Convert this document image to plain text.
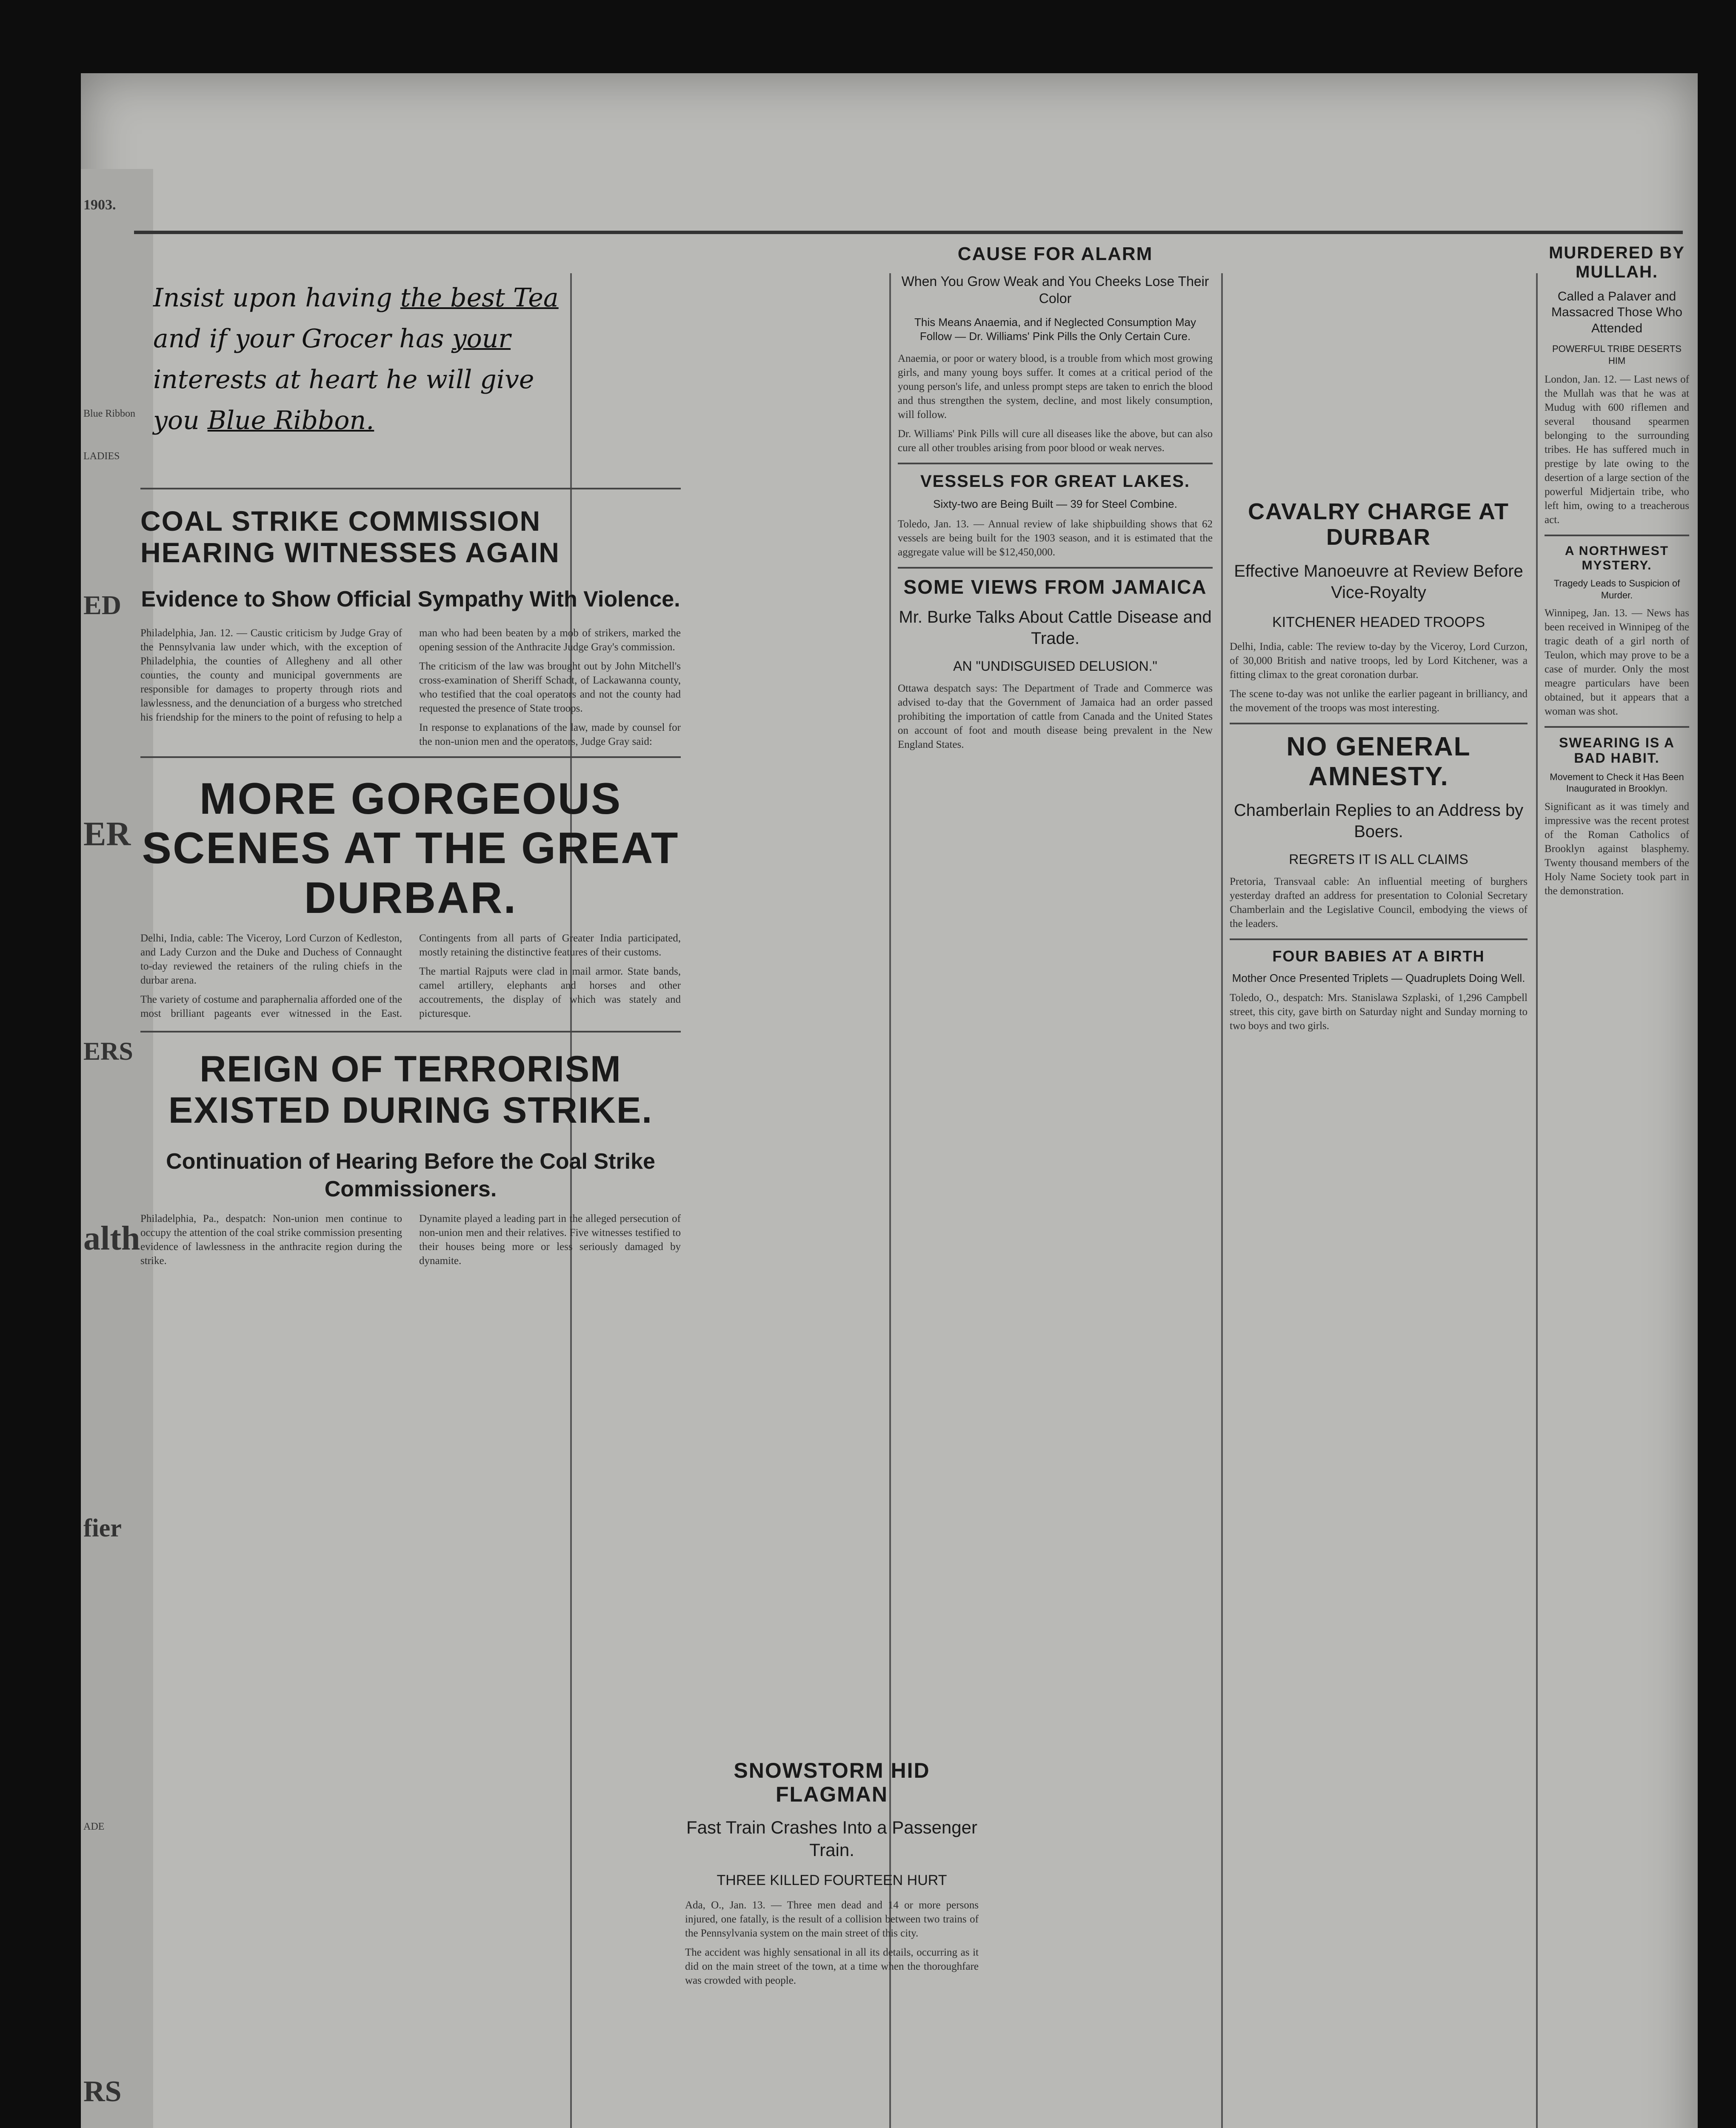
1903.
Blue Ribbon
LADIES
ED
ER
ERS
alth
fier
ADE
RS
Insist upon having the best Tea
and if your Grocer has your
interests at heart he will give
you Blue Ribbon.
COAL STRIKE COMMISSION HEARING WITNESSES AGAIN
Evidence to Show Official Sympathy With Violence.

Philadelphia, Jan. 12. — Caustic criticism by Judge Gray of the Pennsylvania law under which, with the exception of Philadelphia, the counties of Allegheny and all other counties, the county and municipal governments are responsible for damages to property through riots and lawlessness, and the denunciation of a burgess who stretched his friendship for the miners to the point of refusing to help a man who had been beaten by a mob of strikers, marked the opening session of the Anthracite Judge Gray's commission.

The criticism of the law was brought out by John Mitchell's cross-examination of Sheriff Schadt, of Lackawanna county, who testified that the coal operators and not the county had requested the presence of State troops.

In response to explanations of the law, made by counsel for the non-union men and the operators, Judge Gray said:

MORE GORGEOUS SCENES AT THE GREAT DURBAR.

Delhi, India, cable: The Viceroy, Lord Curzon of Kedleston, and Lady Curzon and the Duke and Duchess of Connaught to-day reviewed the retainers of the ruling chiefs in the durbar arena.

The variety of costume and paraphernalia afforded one of the most brilliant pageants ever witnessed in the East. Contingents from all parts of Greater India participated, mostly retaining the distinctive features of their customs.

The martial Rajputs were clad in mail armor. State bands, camel artillery, elephants and horses and other accoutrements, the display of which was stately and picturesque.

REIGN OF TERRORISM EXISTED DURING STRIKE.
Continuation of Hearing Before the Coal Strike Commissioners.

Philadelphia, Pa., despatch: Non-union men continue to occupy the attention of the coal strike commission presenting evidence of lawlessness in the anthracite region during the strike.

Dynamite played a leading part in the alleged persecution of non-union men and their relatives. Five witnesses testified to their houses being more or less seriously damaged by dynamite.

SNOWSTORM HID FLAGMAN
Fast Train Crashes Into a Passenger Train.
THREE KILLED FOURTEEN HURT

Ada, O., Jan. 13. — Three men dead and 14 or more persons injured, one fatally, is the result of a collision between two trains of the Pennsylvania system on the main street of this city.

The accident was highly sensational in all its details, occurring as it did on the main street of the town, at a time when the thoroughfare was crowded with people.

CAUSE FOR ALARM
When You Grow Weak and You Cheeks Lose Their Color
This Means Anaemia, and if Neglected Consumption May Follow — Dr. Williams' Pink Pills the Only Certain Cure.

Anaemia, or poor or watery blood, is a trouble from which most growing girls, and many young boys suffer. It comes at a critical period of the young person's life, and unless prompt steps are taken to enrich the blood and thus strengthen the system, decline, and most likely consumption, will follow.

Dr. Williams' Pink Pills will cure all diseases like the above, but can also cure all other troubles arising from poor blood or weak nerves.

VESSELS FOR GREAT LAKES.
Sixty-two are Being Built — 39 for Steel Combine.

Toledo, Jan. 13. — Annual review of lake shipbuilding shows that 62 vessels are being built for the 1903 season, and it is estimated that the aggregate value will be $12,450,000.

SOME VIEWS FROM JAMAICA
Mr. Burke Talks About Cattle Disease and Trade.
AN "UNDISGUISED DELUSION."

Ottawa despatch says: The Department of Trade and Commerce was advised to-day that the Government of Jamaica had an order passed prohibiting the importation of cattle from Canada and the United States on account of foot and mouth disease being prevalent in the New England States.

CAVALRY CHARGE AT DURBAR
Effective Manoeuvre at Review Before Vice-Royalty
KITCHENER HEADED TROOPS

Delhi, India, cable: The review to-day by the Viceroy, Lord Curzon, of 30,000 British and native troops, led by Lord Kitchener, was a fitting climax to the great coronation durbar.

The scene to-day was not unlike the earlier pageant in brilliancy, and the movement of the troops was most interesting.

NO GENERAL AMNESTY.
Chamberlain Replies to an Address by Boers.
REGRETS IT IS ALL CLAIMS

Pretoria, Transvaal cable: An influential meeting of burghers yesterday drafted an address for presentation to Colonial Secretary Chamberlain and the Legislative Council, embodying the views of the leaders.

FOUR BABIES AT A BIRTH
Mother Once Presented Triplets — Quadruplets Doing Well.

Toledo, O., despatch: Mrs. Stanislawa Szplaski, of 1,296 Campbell street, this city, gave birth on Saturday night and Sunday morning to two boys and two girls.

MURDERED BY MULLAH.
Called a Palaver and Massacred Those Who Attended
POWERFUL TRIBE DESERTS HIM

London, Jan. 12. — Last news of the Mullah was that he was at Mudug with 600 riflemen and several thousand spearmen belonging to the surrounding tribes. He has suffered much in prestige by late owing to the desertion of a large section of the powerful Midjertain tribe, who left him, owing to a treacherous act.

A NORTHWEST MYSTERY.
Tragedy Leads to Suspicion of Murder.

Winnipeg, Jan. 13. — News has been received in Winnipeg of the tragic death of a girl north of Teulon, which may prove to be a case of murder. Only the most meagre particulars have been obtained, but it appears that a woman was shot.

SWEARING IS A BAD HABIT.
Movement to Check it Has Been Inaugurated in Brooklyn.

Significant as it was timely and impressive was the recent protest of the Roman Catholics of Brooklyn against blasphemy. Twenty thousand members of the Holy Name Society took part in the demonstration.
